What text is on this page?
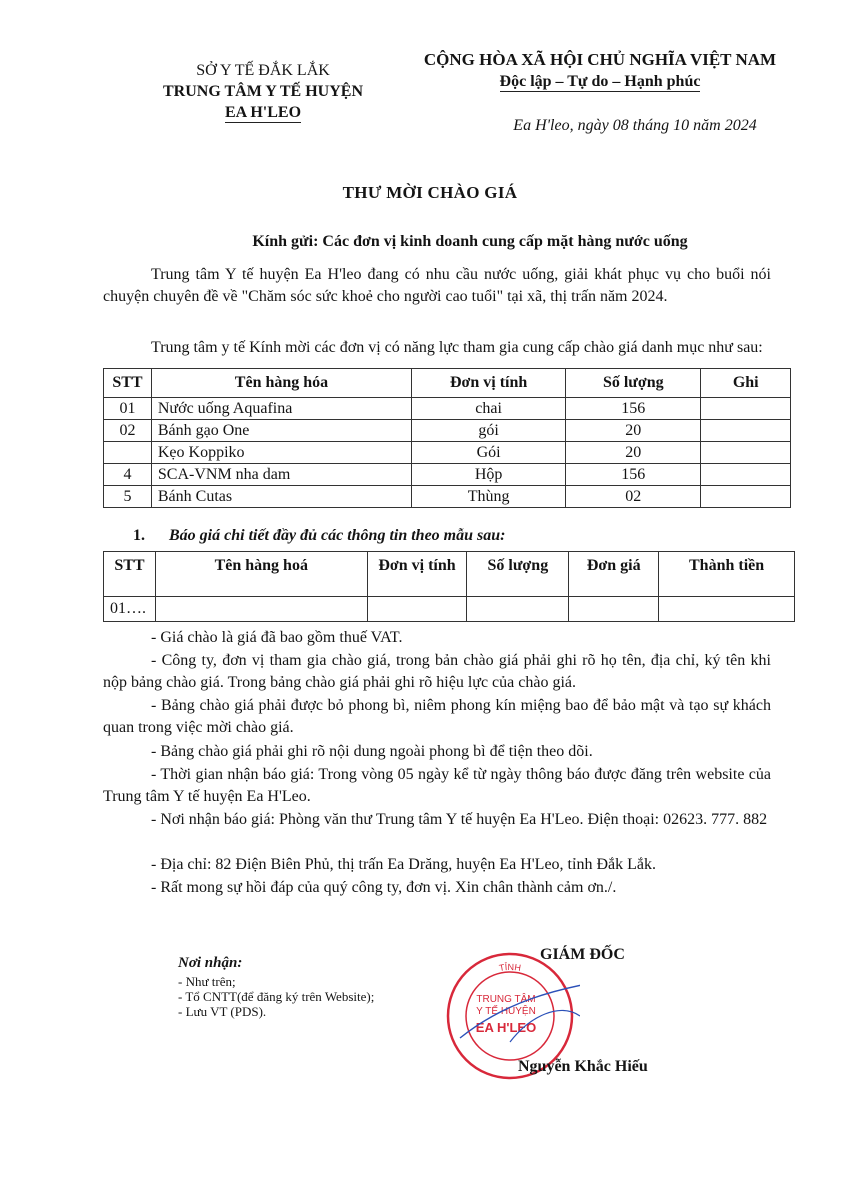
SỞ Y TẾ ĐẮK LẮK
TRUNG TÂM Y TẾ HUYỆN
EA H'LEO
CỘNG HÒA XÃ HỘI CHỦ NGHĨA VIỆT NAM
Độc lập – Tự do – Hạnh phúc
Ea H'leo, ngày 08 tháng 10 năm 2024
THƯ MỜI CHÀO GIÁ
Kính gửi: Các đơn vị kinh doanh cung cấp mặt hàng nước uống
Trung tâm Y tế huyện Ea H'leo đang có nhu cầu nước uống, giải khát phục vụ cho buổi nói chuyện chuyên đề về "Chăm sóc sức khoẻ cho người cao tuổi" tại xã, thị trấn năm 2024.
Trung tâm y tế Kính mời các đơn vị có năng lực tham gia cung cấp chào giá danh mục như sau:
STT	Tên hàng hóa	Đơn vị tính	Số lượng	Ghi
01	Nước uống Aquafina	chai	156	
02	Bánh gạo One	gói	20	
	Kẹo Koppiko	Gói	20	
4	SCA-VNM nha dam	Hộp	156	
5	Bánh Cutas	Thùng	02	
1. Báo giá chi tiết đầy đủ các thông tin theo mẫu sau:
STT	Tên hàng hoá	Đơn vị tính	Số lượng	Đơn giá	Thành tiền
01….					
- Giá chào là giá đã bao gồm thuế VAT.
- Công ty, đơn vị tham gia chào giá, trong bản chào giá phải ghi rõ họ tên, địa chỉ, ký tên khi nộp bảng chào giá. Trong bảng chào giá phải ghi rõ hiệu lực của chào giá.
- Bảng chào giá phải được bỏ phong bì, niêm phong kín miệng bao để bảo mật và tạo sự khách quan trong việc mời chào giá.
- Bảng chào giá phải ghi rõ nội dung ngoài phong bì để tiện theo dõi.
- Thời gian nhận báo giá: Trong vòng 05 ngày kể từ ngày thông báo được đăng trên website của Trung tâm Y tế huyện Ea H'Leo.
- Nơi nhận báo giá: Phòng văn thư Trung tâm Y tế huyện Ea H'Leo. Điện thoại: 02623. 777. 882
- Địa chỉ: 82 Điện Biên Phủ, thị trấn Ea Drăng, huyện Ea H'Leo, tỉnh Đắk Lắk.
- Rất mong sự hồi đáp của quý công ty, đơn vị. Xin chân thành cảm ơn./.
Nơi nhận:
- Như trên;
- Tổ CNTT(để đăng ký trên Website);
- Lưu VT (PDS).
TỈNH
TRUNG TÂM
Y TẾ HUYỆN
EA H'LEO
GIÁM ĐỐC
Nguyễn Khắc Hiếu
